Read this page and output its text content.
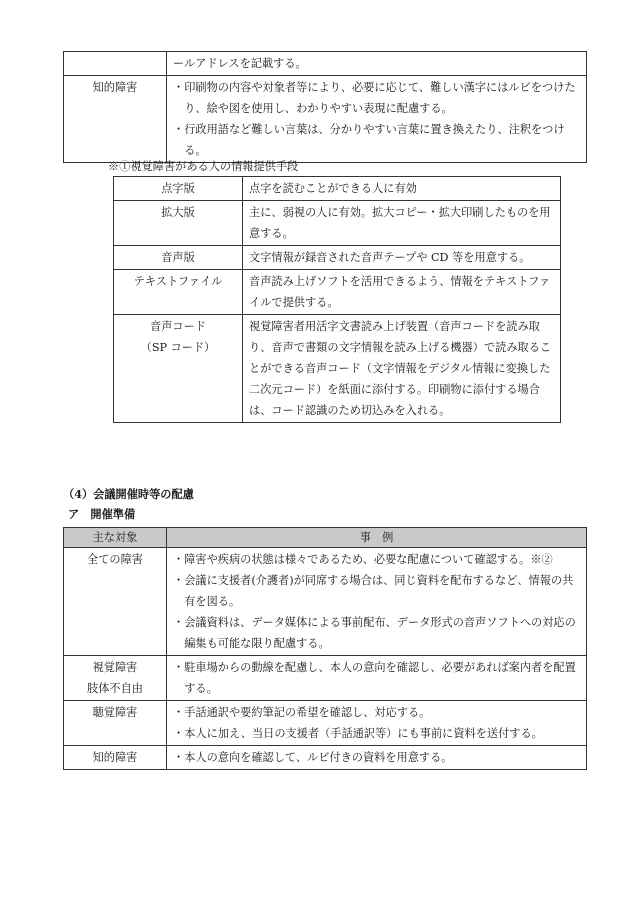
	ールアドレスを記載する。

知的障害	・ 印刷物の内容や対象者等により、必要に応じて、難しい漢字にはルビをつけたり、絵や図を使用し、わかりやすい表現に配慮する。
・ 行政用語など難しい言葉は、分かりやすい言葉に置き換えたり、注釈をつける。
※①視覚障害がある人の情報提供手段
点字版	点字を読むことができる人に有効
拡大版	主に、弱視の人に有効。拡大コピー・拡大印刷したものを用意する。
音声版	文字情報が録音された音声テープや CD 等を用意する。
テキストファイル	音声読み上げソフトを活用できるよう、情報をテキストファイルで提供する。

音声コード
（SP コード）	視覚障害者用活字文書読み上げ装置（音声コードを読み取り、音声で書類の文字情報を読み上げる機器）で読み取ることができる音声コード（文字情報をデジタル情報に変換した二次元コード）を紙面に添付する。印刷物に添付する場合は、コード認識のため切込みを入れる。
（4）会議開催時等の配慮
ア　開催準備
主な対象	事　例
全ての障害	・ 障害や疾病の状態は様々であるため、必要な配慮について確認する。※②
・ 会議に支援者(介護者)が同席する場合は、同じ資料を配布するなど、情報の共有を図る。
・ 会議資料は、データ媒体による事前配布、データ形式の音声ソフトへの対応の編集も可能な限り配慮する。

視覚障害
肢体不自由	・ 駐車場からの動線を配慮し、本人の意向を確認し、必要があれば案内者を配置する。

聴覚障害	・ 手話通訳や要約筆記の希望を確認し、対応する。
・ 本人に加え、当日の支援者（手話通訳等）にも事前に資料を送付する。

知的障害	・ 本人の意向を確認して、ルビ付きの資料を用意する。
